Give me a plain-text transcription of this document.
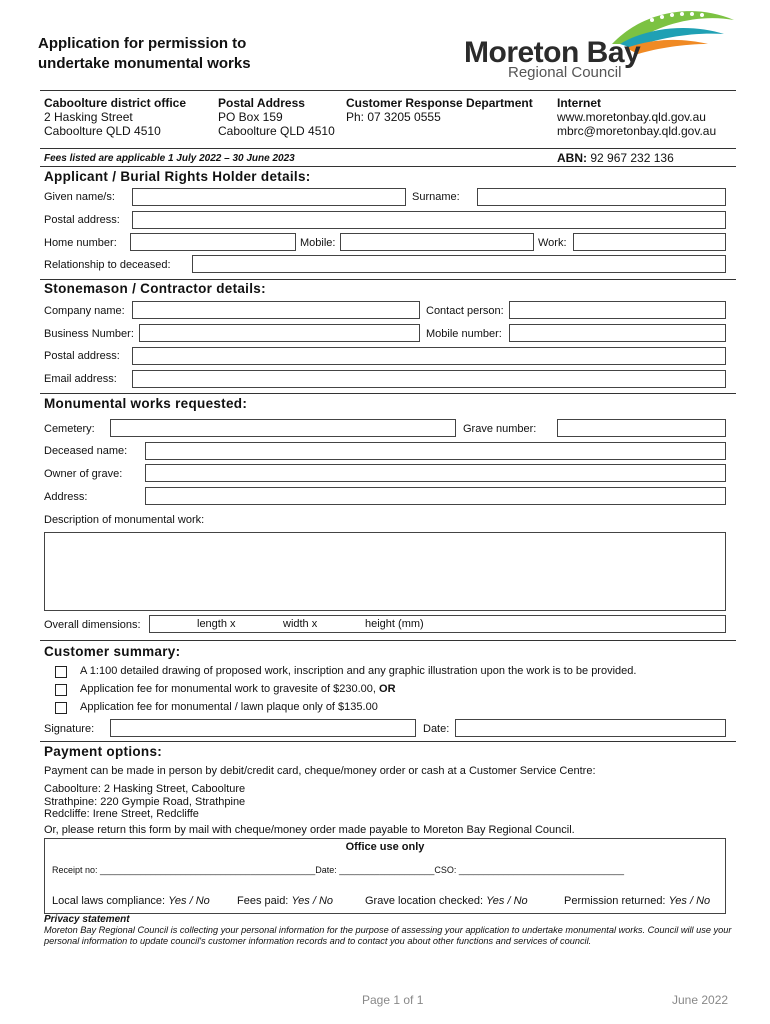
Application for permission to
undertake monumental works	Moreton Bay
Regional Council
Caboolture district office
2 Hasking Street
Caboolture QLD 4510
Postal Address
PO Box 159
Caboolture QLD 4510
Customer Response Department
Ph: 07 3205 0555
Internet
www.moretonbay.qld.gov.au
mbrc@moretonbay.qld.gov.au
Fees listed are applicable 1 July 2022 – 30 June 2023	ABN: 92 967 232 136
Applicant / Burial Rights Holder details:
Given name/s:	Surname:
Postal address:
Home number:	Mobile:	Work:
Relationship to deceased:
Stonemason / Contractor details:
Company name:	Contact person:
Business Number:	Mobile number:
Postal address:
Email address:
Monumental works requested:
Cemetery:	Grave number:
Deceased name:
Owner of grave:
Address:
Description of monumental work:
Overall dimensions:	length x	width x	height (mm)
Customer summary:
A 1:100 detailed drawing of proposed work, inscription and any graphic illustration upon the work is to be provided.
Application fee for monumental work to gravesite of $230.00, OR
Application fee for monumental / lawn plaque only of $135.00
Signature:	Date:
Payment options:
Payment can be made in person by debit/credit card, cheque/money order or cash at a Customer Service Centre:
Caboolture: 2 Hasking Street, Caboolture
Strathpine: 220 Gympie Road, Strathpine
Redcliffe: Irene Street, Redcliffe
Or, please return this form by mail with cheque/money order made payable to Moreton Bay Regional Council.
Office use only
Receipt no: ___________________________________________Date: ___________________CSO: _________________________________
Local laws compliance: Yes / No Fees paid: Yes / No	Grave location checked: Yes / No	Permission returned: Yes / No
Privacy statement
Moreton Bay Regional Council is collecting your personal information for the purpose of assessing your application to undertake monumental works. Council will use your personal information to update council's customer information records and to contact you about other functions and services of council.
Page 1 of 1	June 2022
